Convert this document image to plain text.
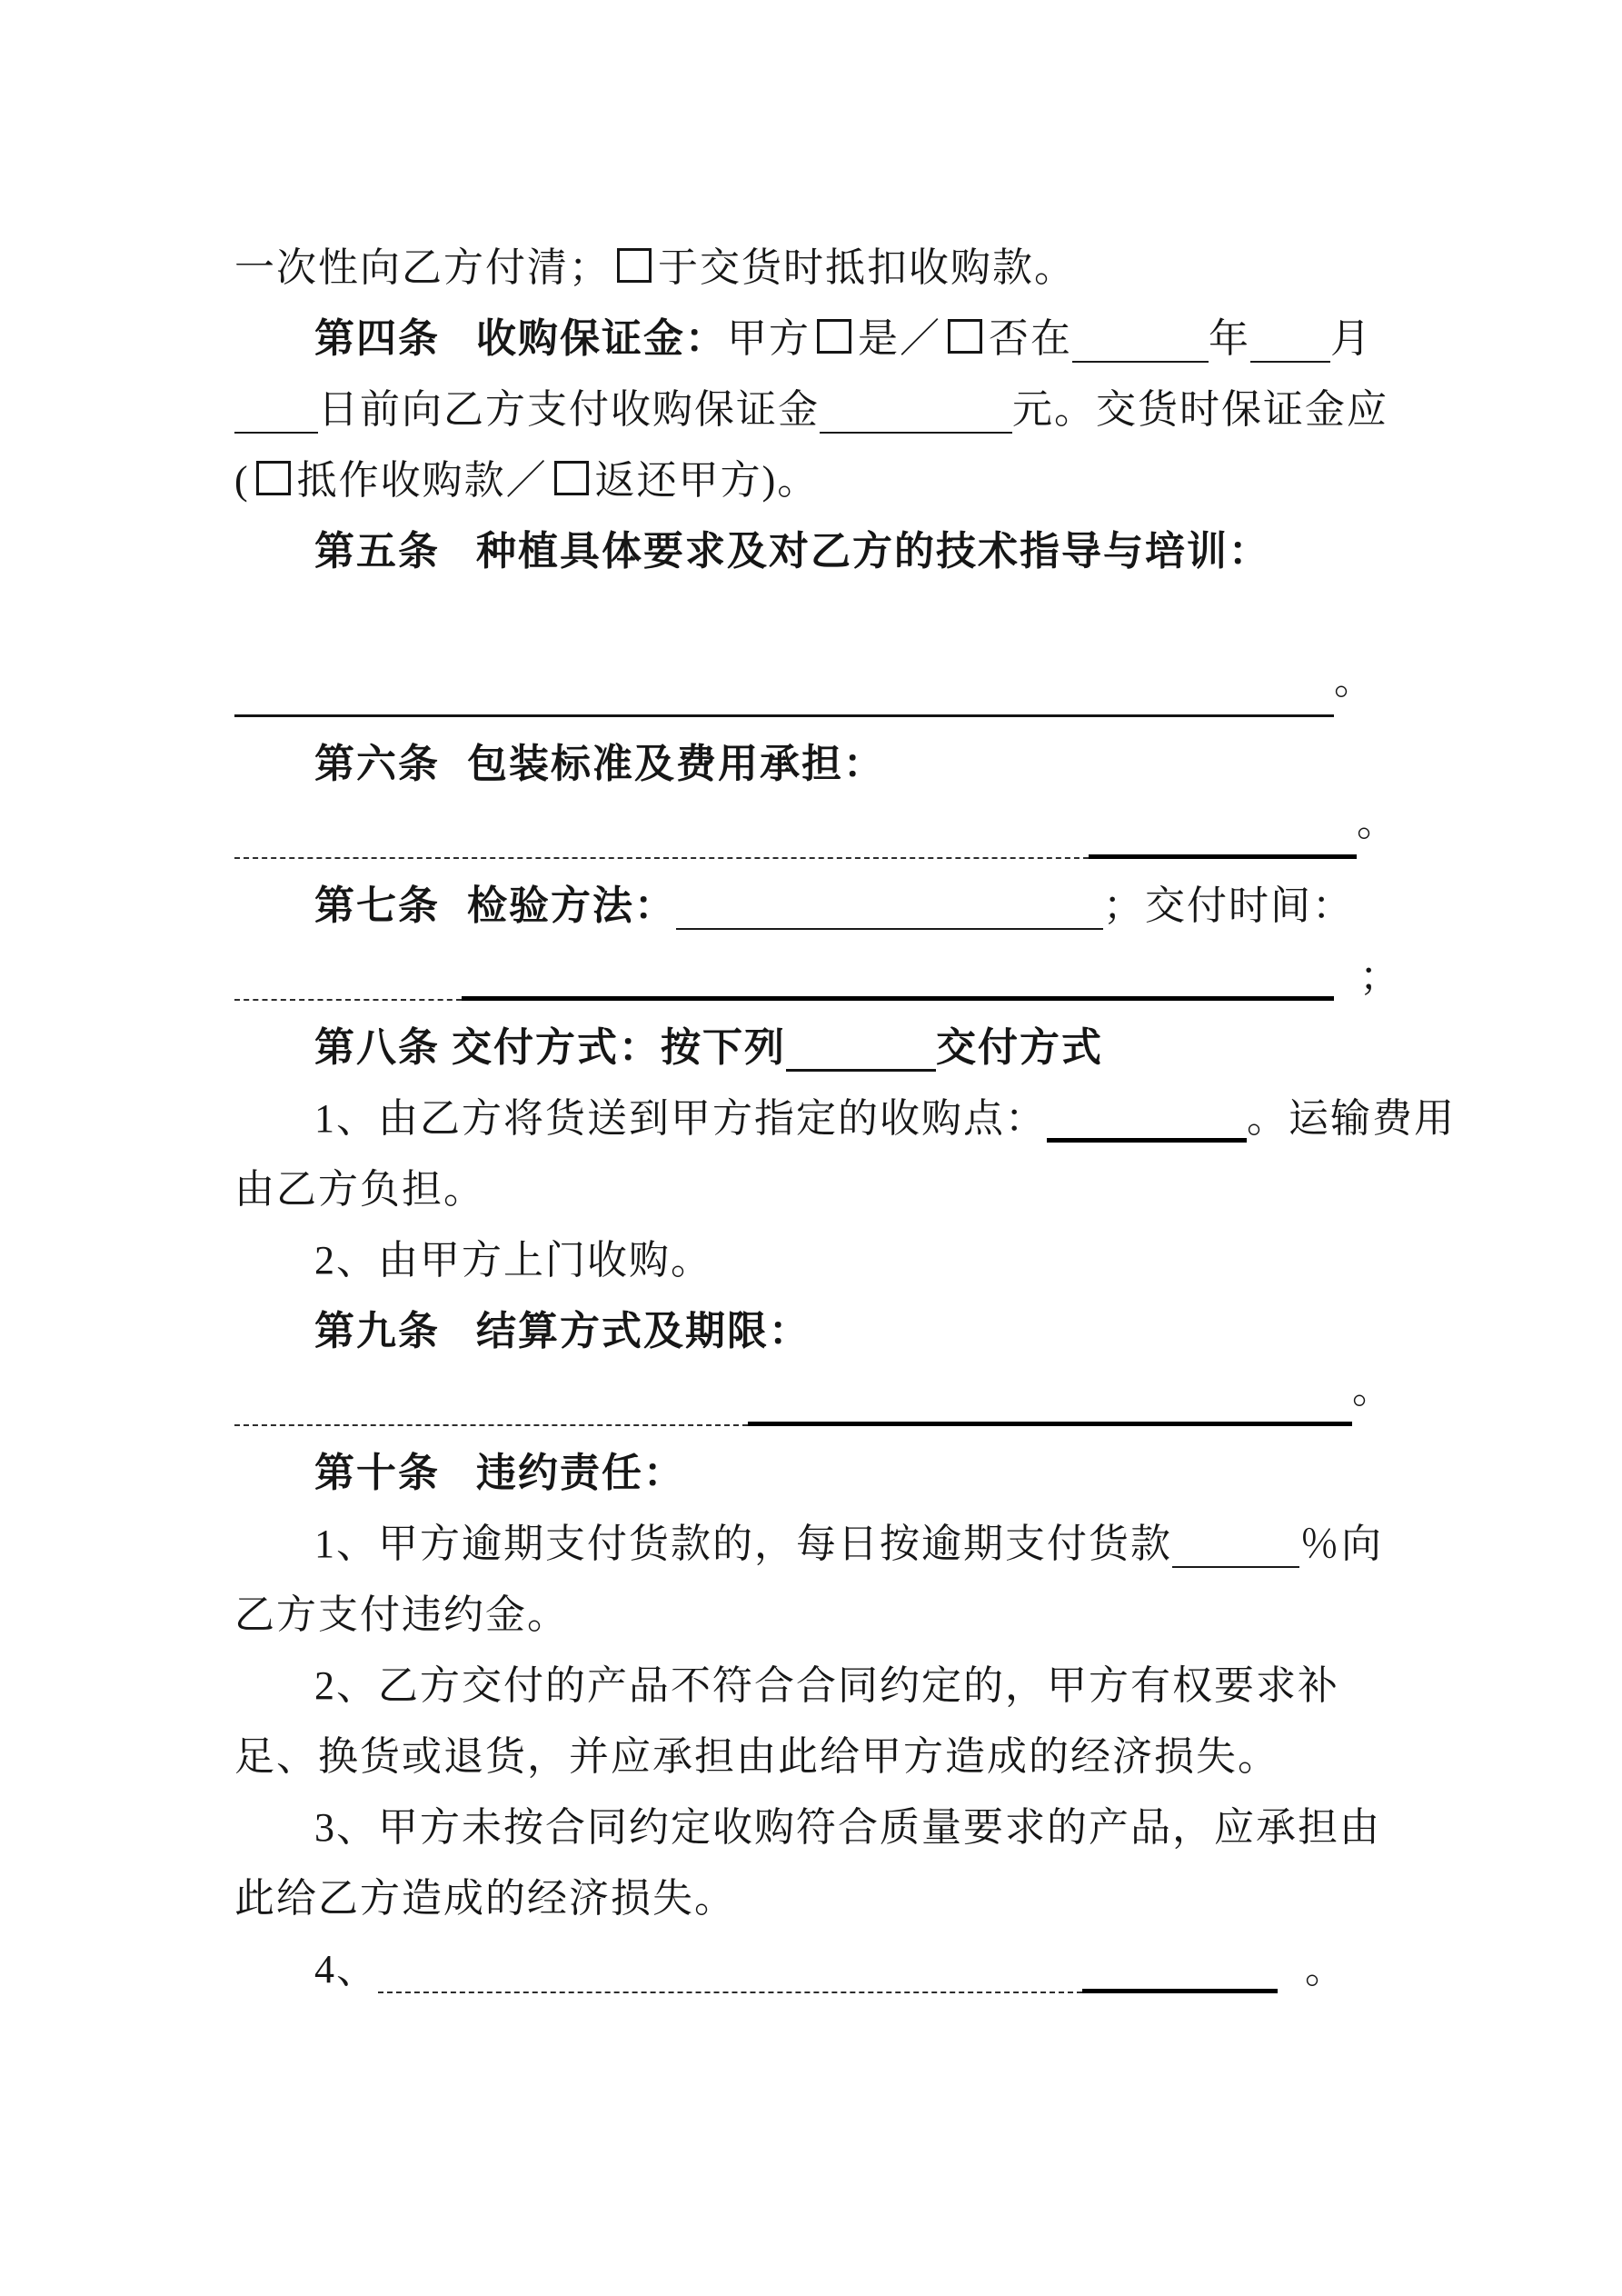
一次性向乙方付清； 于交货时抵扣收购款。
第四条 收购保证金：甲方 是／ 否在	年 月
日前向乙方支付收购保证金	元。交货时保证金应
( 抵作收购款／ 返还甲方)。
第五条 种植具体要求及对乙方的技术指导与培训：
。
第六条 包装标准及费用承担：
。
第七条 检验方法：	；交付时间：
；
第八条 交付方式：按下列	交付方式
1、由乙方将货送到甲方指定的收购点：	。运输费用
由乙方负担。
2、由甲方上门收购。
第九条 结算方式及期限：
。
第十条 违约责任：
1、甲方逾期支付货款的，每日按逾期支付货款	％向
乙方支付违约金。
2、乙方交付的产品不符合合同约定的，甲方有权要求补
足、换货或退货，并应承担由此给甲方造成的经济损失。
3、甲方未按合同约定收购符合质量要求的产品，应承担由
此给乙方造成的经济损失。
4、	。
